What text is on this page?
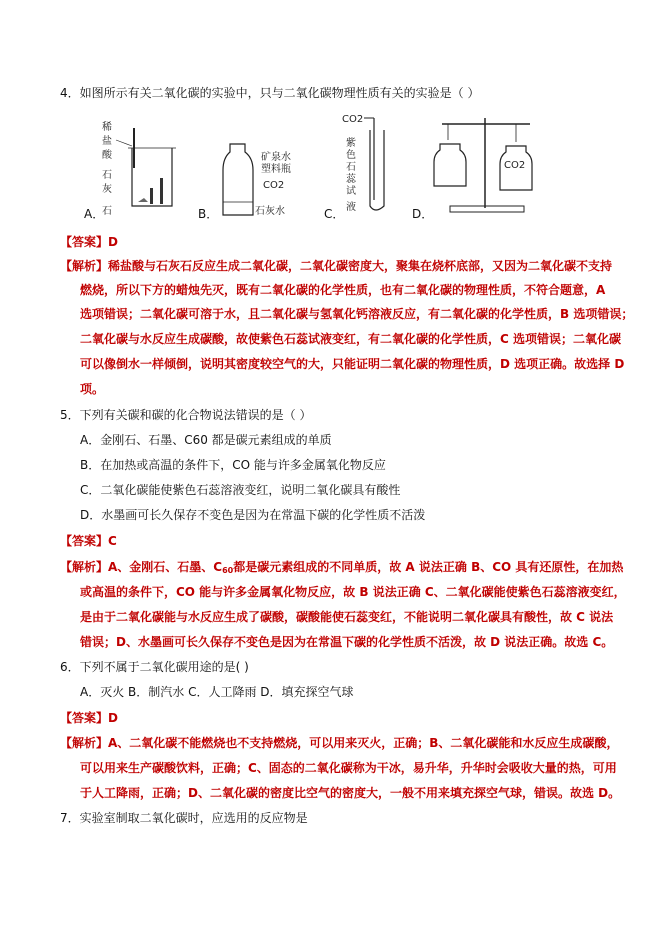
4．如图所示有关二氧化碳的实验中，只与二氧化碳物理性质有关的实验是（ ）
稀
盐
酸
石
灰
石
A．
矿泉水
塑料瓶
CO2
石灰水
B．
CO2
紫
色
石
蕊
试
液
C．
CO2
D．
【答案】D
【解析】稀盐酸与石灰石反应生成二氧化碳，二氧化碳密度大，聚集在烧杯底部，又因为二氧化碳不支持
燃烧，所以下方的蜡烛先灭，既有二氧化碳的化学性质，也有二氧化碳的物理性质，不符合题意，A
选项错误；二氧化碳可溶于水，且二氧化碳与氢氧化钙溶液反应，有二氧化碳的化学性质，B 选项错误；
二氧化碳与水反应生成碳酸，故使紫色石蕊试液变红，有二氧化碳的化学性质，C 选项错误；二氧化碳
可以像倒水一样倾倒，说明其密度较空气的大，只能证明二氧化碳的物理性质，D 选项正确。故选择 D
项。
5．下列有关碳和碳的化合物说法错误的是（ ）
A．金刚石、石墨、C60 都是碳元素组成的单质
B．在加热或高温的条件下，CO 能与许多金属氧化物反应
C．二氧化碳能使紫色石蕊溶液变红，说明二氧化碳具有酸性
D．水墨画可长久保存不变色是因为在常温下碳的化学性质不活泼
【答案】C
【解析】A、金刚石、石墨、$C_{60}$都是碳元素组成的不同单质，故 A 说法正确 B、CO 具有还原性，在加热
或高温的条件下，CO 能与许多金属氧化物反应，故 B 说法正确 C、二氧化碳能使紫色石蕊溶液变红，
是由于二氧化碳能与水反应生成了碳酸，碳酸能使石蕊变红，不能说明二氧化碳具有酸性，故 C 说法
错误；D、水墨画可长久保存不变色是因为在常温下碳的化学性质不活泼，故 D 说法正确。故选 C。
6．下列不属于二氧化碳用途的是( )
A．灭火 B．制汽水 C．人工降雨 D．填充探空气球
【答案】D
【解析】A、二氧化碳不能燃烧也不支持燃烧，可以用来灭火，正确；B、二氧化碳能和水反应生成碳酸，
可以用来生产碳酸饮料，正确；C、固态的二氧化碳称为干冰，易升华，升华时会吸收大量的热，可用
于人工降雨，正确；D、二氧化碳的密度比空气的密度大，一般不用来填充探空气球，错误。故选 D。
7．实验室制取二氧化碳时，应选用的反应物是
